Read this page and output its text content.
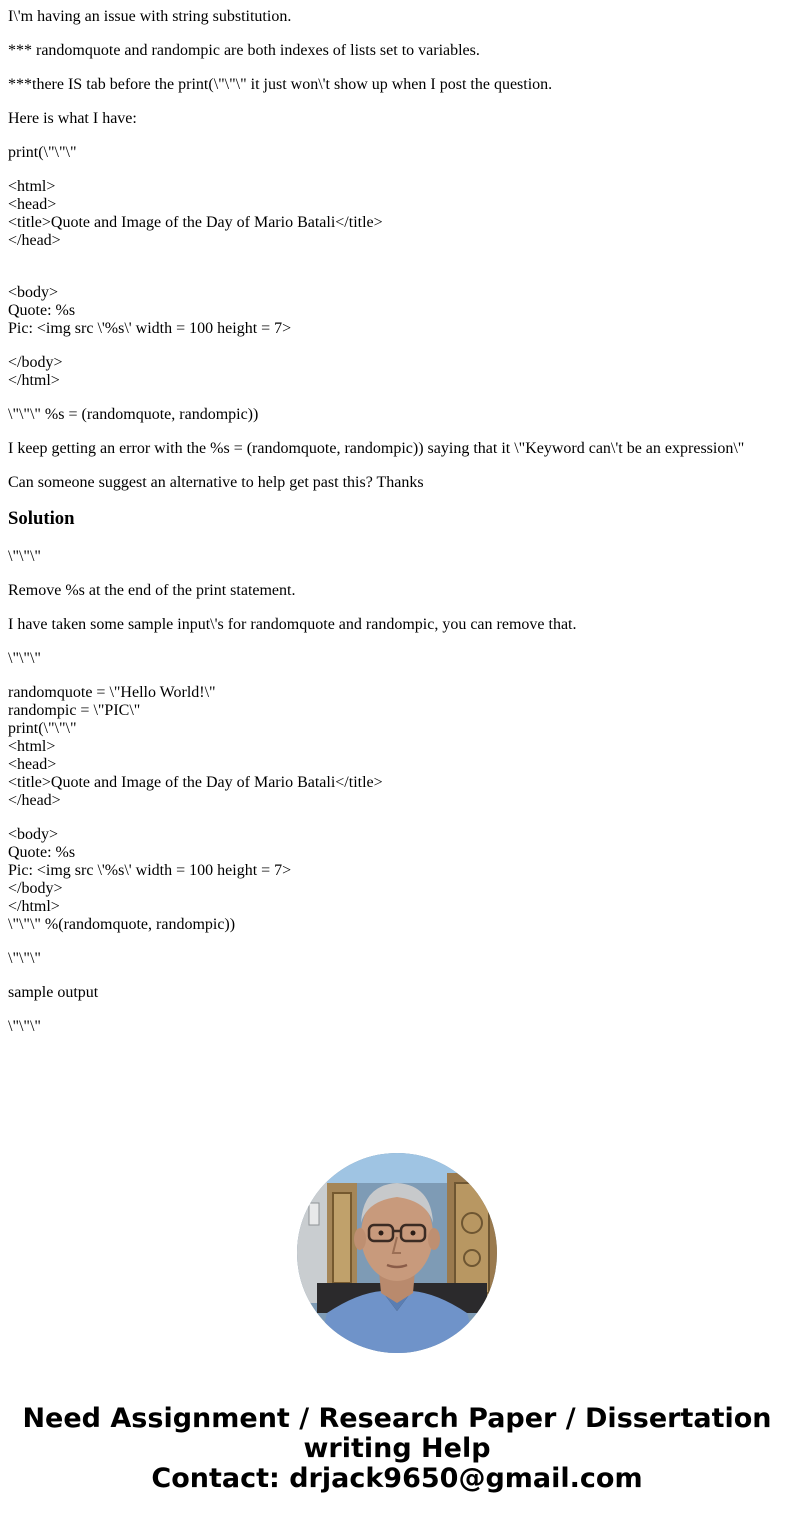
I\'m having an issue with string substitution.
*** randomquote and randompic are both indexes of lists set to variables.
***there IS tab before the print(\"\"\" it just won\'t show up when I post the question.
Here is what I have:
print(\"\"\"
<html>
<head>
<title>Quote and Image of the Day of Mario Batali</title>
</head>

<body>
Quote: %s
Pic: <img src \'%s\' width = 100 height = 7>
</body>
</html>
\"\"\" %s = (randomquote, randompic))
I keep getting an error with the %s = (randomquote, randompic)) saying that it \"Keyword can\'t be an expression\"
Can someone suggest an alternative to help get past this? Thanks
Solution
\"\"\"
Remove %s at the end of the print statement.
I have taken some sample input\'s for randomquote and randompic, you can remove that.
\"\"\"
randomquote = \"Hello World!\"
randompic = \"PIC\"
print(\"\"\"
<html>
<head>
<title>Quote and Image of the Day of Mario Batali</title>
</head>
<body>
Quote: %s
Pic: <img src \'%s\' width = 100 height = 7>
</body>
</html>
\"\"\" %(randomquote, randompic))
\"\"\"
sample output
\"\"\"
Need Assignment / Research Paper / Dissertation
writing Help
Contact: drjack9650@gmail.com
